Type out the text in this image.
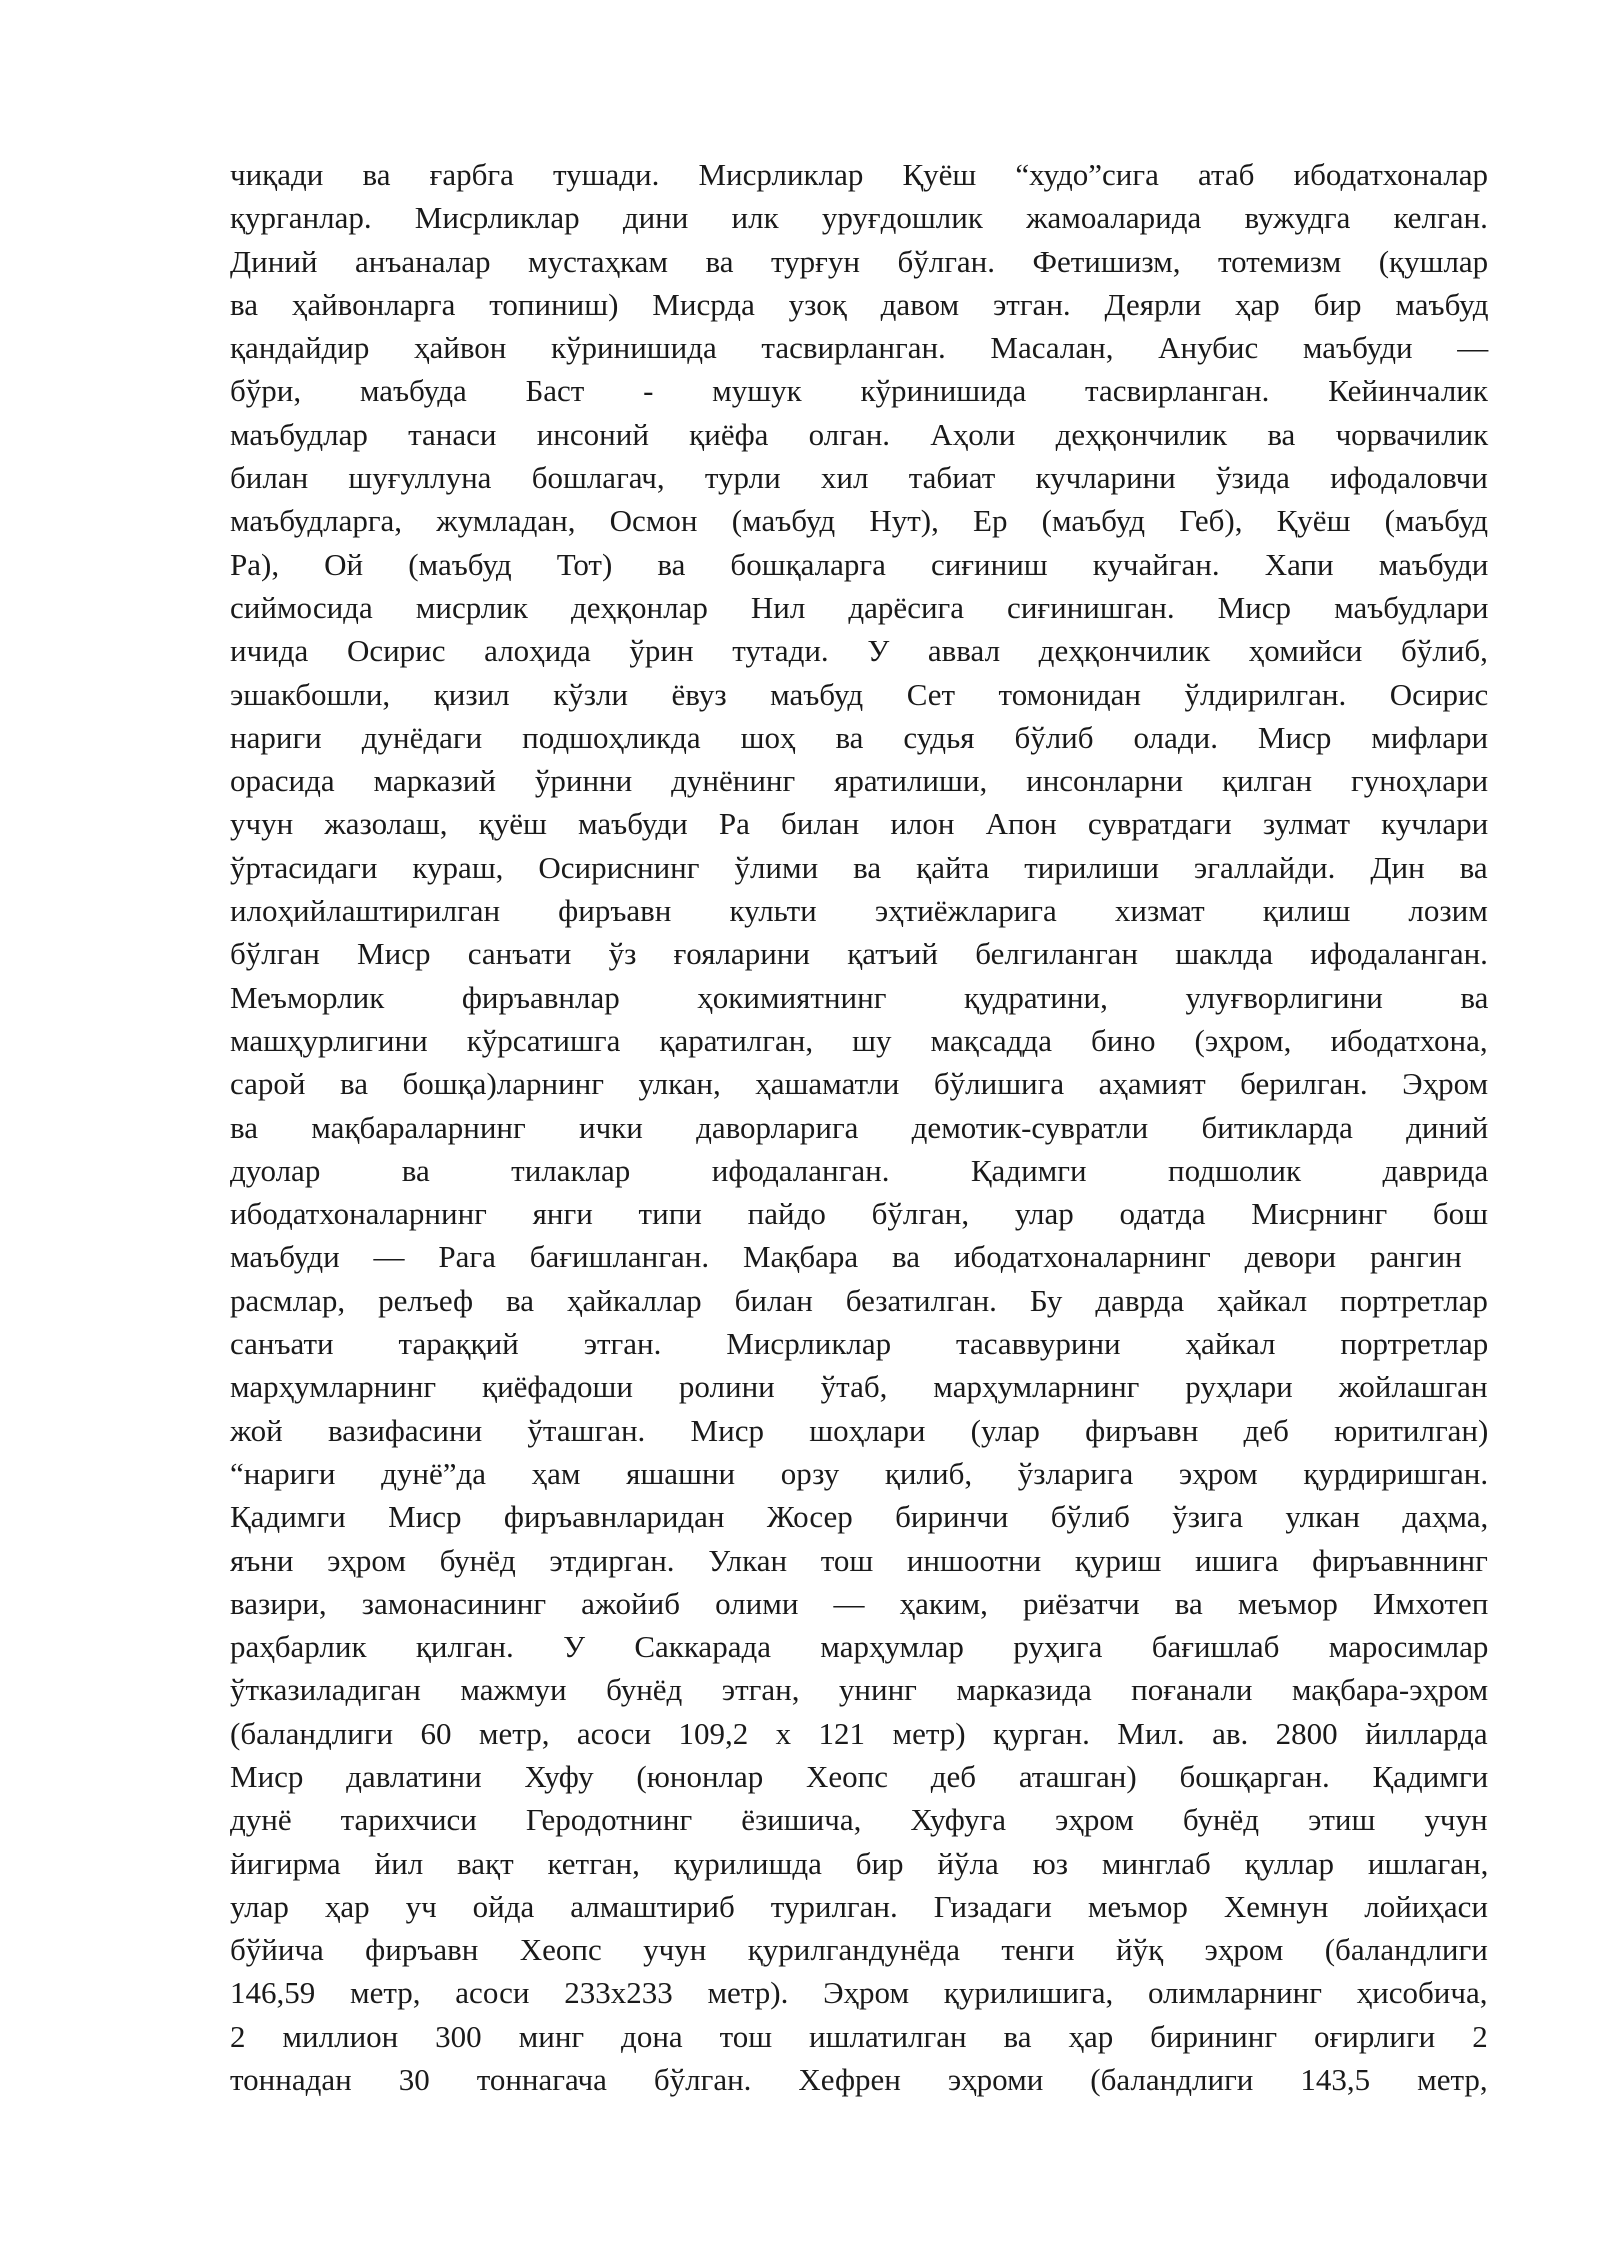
чиқади ва ғарбга тушади. Мисрликлар Қуёш “худо”сига атаб ибодатхоналар
қурганлар. Мисрликлар дини илк уруғдошлик жамоаларида вужудга келган.
Диний анъаналар мустаҳкам ва турғун бўлган. Фетишизм, тотемизм (қушлар
ва ҳайвонларга топиниш) Мисрда узоқ давом этган. Деярли ҳар бир маъбуд
қандайдир ҳайвон кўринишида тасвирланган. Масалан, Анубис маъбуди —
бўри, маъбуда Баст - мушук кўринишида тасвирланган. Кейинчалик
маъбудлар танаси инсоний қиёфа олган. Аҳоли деҳқончилик ва чорвачилик
билан шуғуллуна бошлагач, турли хил табиат кучларини ўзида ифодаловчи
маъбудларга, жумладан, Осмон (маъбуд Нут), Ер (маъбуд Геб), Қуёш (маъбуд
Ра), Ой (маъбуд Тот) ва бошқаларга сиғиниш кучайган. Хапи маъбуди
сиймосида мисрлик деҳқонлар Нил дарёсига сиғинишган. Миср маъбудлари
ичида Осирис алоҳида ўрин тутади. У аввал деҳқончилик ҳомийси бўлиб,
эшакбошли, қизил кўзли ёвуз маъбуд Сет томонидан ўлдирилган. Осирис
нариги дунёдаги подшоҳликда шоҳ ва судья бўлиб олади. Миср мифлари
орасида марказий ўринни дунёнинг яратилиши, инсонларни қилган гуноҳлари
учун жазолаш, қуёш маъбуди Ра билан илон Апон сувратдаги зулмат кучлари
ўртасидаги кураш, Осириснинг ўлими ва қайта тирилиши эгаллайди. Дин ва
илоҳийлаштирилган фиръавн культи эҳтиёжларига хизмат қилиш лозим
бўлган Миср санъати ўз ғояларини қатъий белгиланган шаклда ифодаланган.
Меъморлик фиръавнлар ҳокимиятнинг қудратини, улуғворлигини ва
машҳурлигини кўрсатишга қаратилган, шу мақсадда бино (эҳром, ибодатхона,
сарой ва бошқа)ларнинг улкан, ҳашаматли бўлишига аҳамият берилган. Эҳром
ва мақбараларнинг ички даворларига демотик-сувратли битикларда диний
дуолар ва тилаклар ифодаланган. Қадимги подшолик даврида
ибодатхоналарнинг янги типи пайдо бўлган, улар одатда Мисрнинг бош
маъбуди — Рага бағишланган. Мақбара ва ибодатхоналарнинг девори рангин
расмлар, релъеф ва ҳайкаллар билан безатилган. Бу даврда ҳайкал портретлар
санъати тараққий этган. Мисрликлар тасаввурини ҳайкал портретлар
марҳумларнинг қиёфадоши ролини ўтаб, марҳумларнинг руҳлари жойлашган
жой вазифасини ўташган. Миср шоҳлари (улар фиръавн деб юритилган)
“нариги дунё”да ҳам яшашни орзу қилиб, ўзларига эҳром қурдиришган.
Қадимги Миср фиръавнларидан Жосер биринчи бўлиб ўзига улкан даҳма,
яъни эҳром бунёд этдирган. Улкан тош иншоотни қуриш ишига фиръавннинг
вазири, замонасининг ажойиб олими — ҳаким, риёзатчи ва меъмор Имхотеп
раҳбарлик қилган. У Саккарада марҳумлар руҳига бағишлаб маросимлар
ўтказиладиган мажмуи бунёд этган, унинг марказида поғанали мақбара-эҳром
(баландлиги 60 метр, асоси 109,2 х 121 метр) қурган. Мил. ав. 2800 йилларда
Миср давлатини Хуфу (юнонлар Хеопс деб аташган) бошқарган. Қадимги
дунё тарихчиси Геродотнинг ёзишича, Хуфуга эҳром бунёд этиш учун
йигирма йил вақт кетган, қурилишда бир йўла юз минглаб қуллар ишлаган,
улар ҳар уч ойда алмаштириб турилган. Гизадаги меъмор Хемнун лойиҳаси
бўйича фиръавн Хеопс учун қурилгандунёда тенги йўқ эҳром (баландлиги
146,59 метр, асоси 233х233 метр). Эҳром қурилишига, олимларнинг ҳисобича,
2 миллион 300 минг дона тош ишлатилган ва ҳар бирининг оғирлиги 2
тоннадан 30 тоннагача бўлган. Хефрен эҳроми (баландлиги 143,5 метр,
